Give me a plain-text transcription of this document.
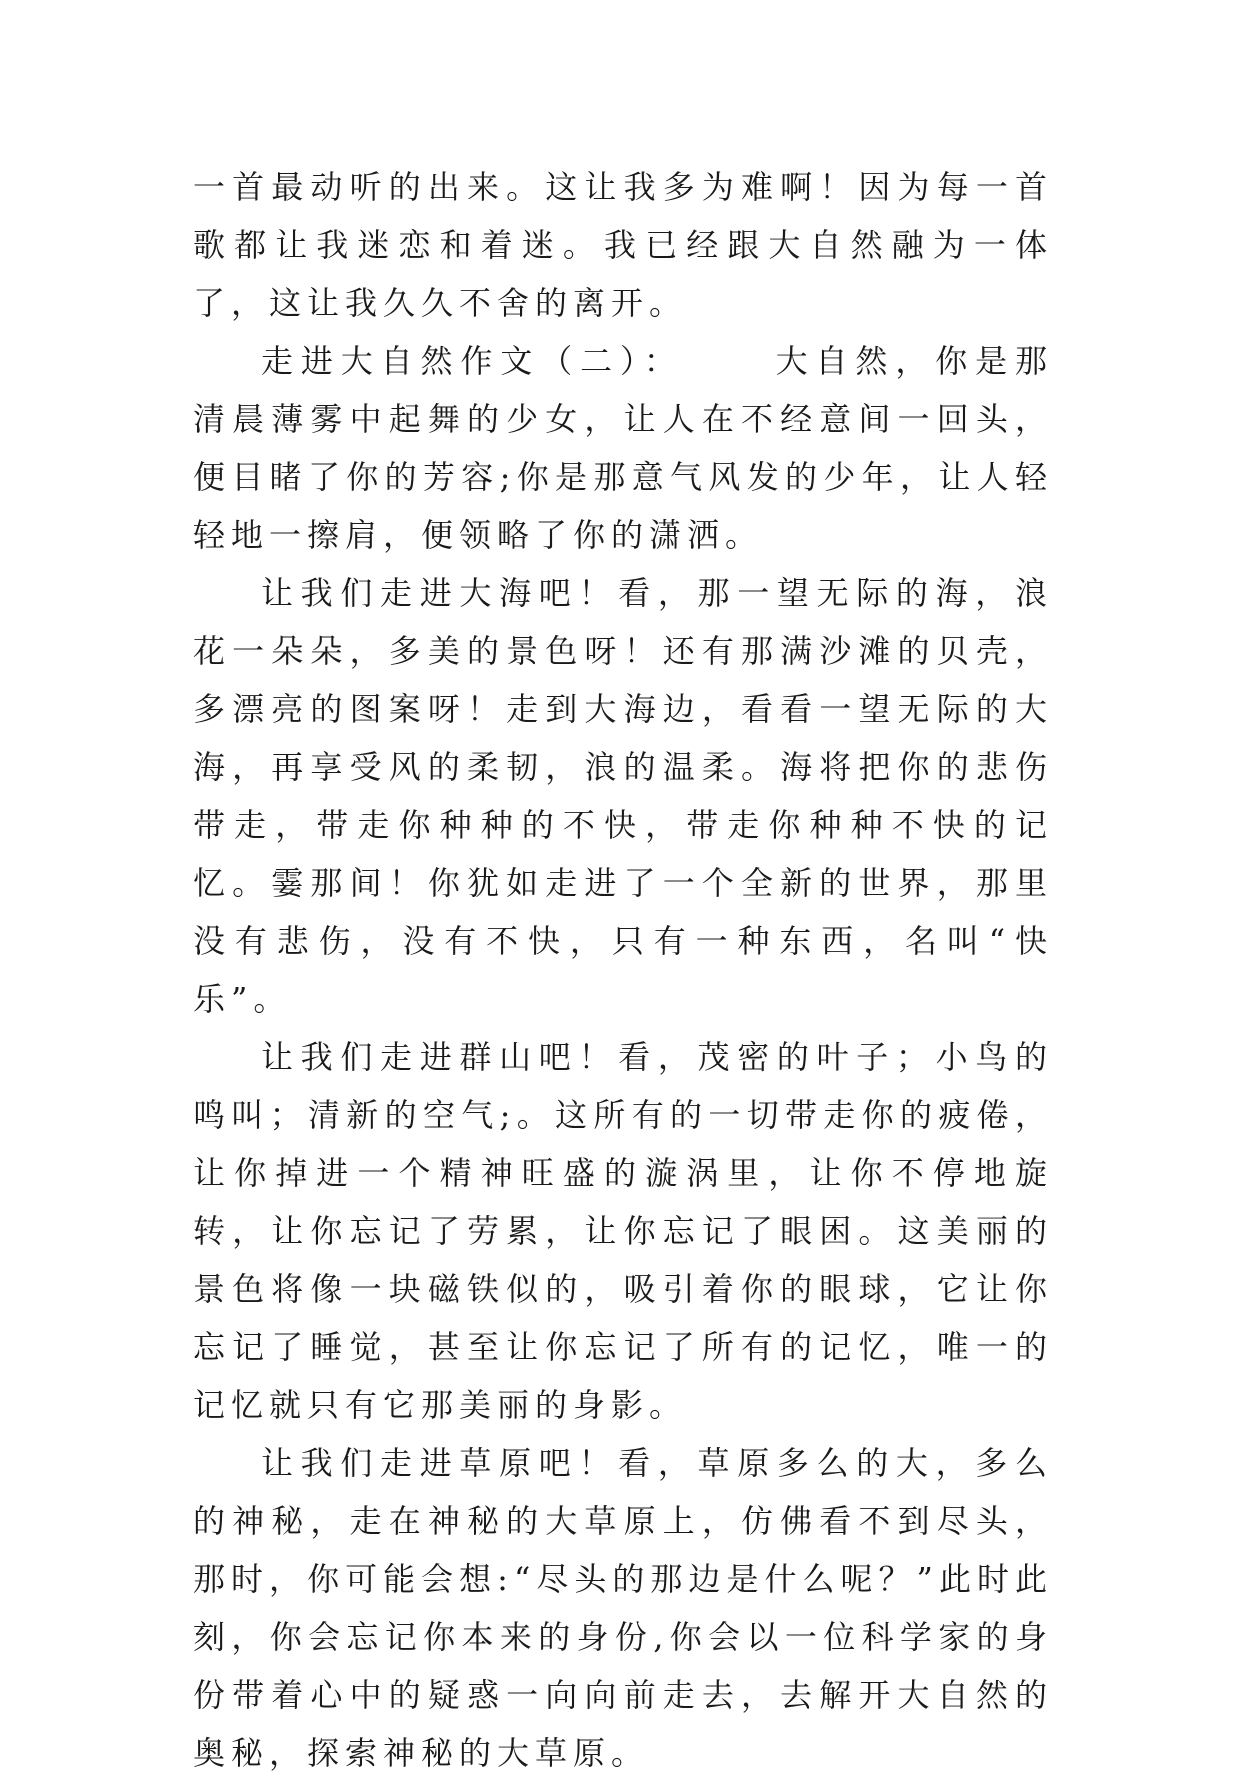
一首最动听的出来。这让我多为难啊！因为每一首歌都让我迷恋和着迷。我已经跟大自然融为一体了，这让我久久不舍的离开。

走进大自然作文（二）：	大自然，你是那清晨薄雾中起舞的少女，让人在不经意间一回头，便目睹了你的芳容;你是那意气风发的少年，让人轻轻地一擦肩，便领略了你的潇洒。

让我们走进大海吧！看，那一望无际的海，浪花一朵朵，多美的景色呀！还有那满沙滩的贝壳，多漂亮的图案呀！走到大海边，看看一望无际的大海，再享受风的柔韧，浪的温柔。海将把你的悲伤带走，带走你种种的不快，带走你种种不快的记忆。霎那间！你犹如走进了一个全新的世界，那里没有悲伤，没有不快，只有一种东西，名叫“快乐”。

让我们走进群山吧！看，茂密的叶子；小鸟的鸣叫；清新的空气;。这所有的一切带走你的疲倦，让你掉进一个精神旺盛的漩涡里，让你不停地旋转，让你忘记了劳累，让你忘记了眼困。这美丽的景色将像一块磁铁似的，吸引着你的眼球，它让你忘记了睡觉，甚至让你忘记了所有的记忆，唯一的记忆就只有它那美丽的身影。

让我们走进草原吧！看，草原多么的大，多么的神秘，走在神秘的大草原上，仿佛看不到尽头，那时，你可能会想:“尽头的那边是什么呢？”此时此刻，你会忘记你本来的身份,你会以一位科学家的身份带着心中的疑惑一向向前走去，去解开大自然的奥秘，探索神秘的大草原。
